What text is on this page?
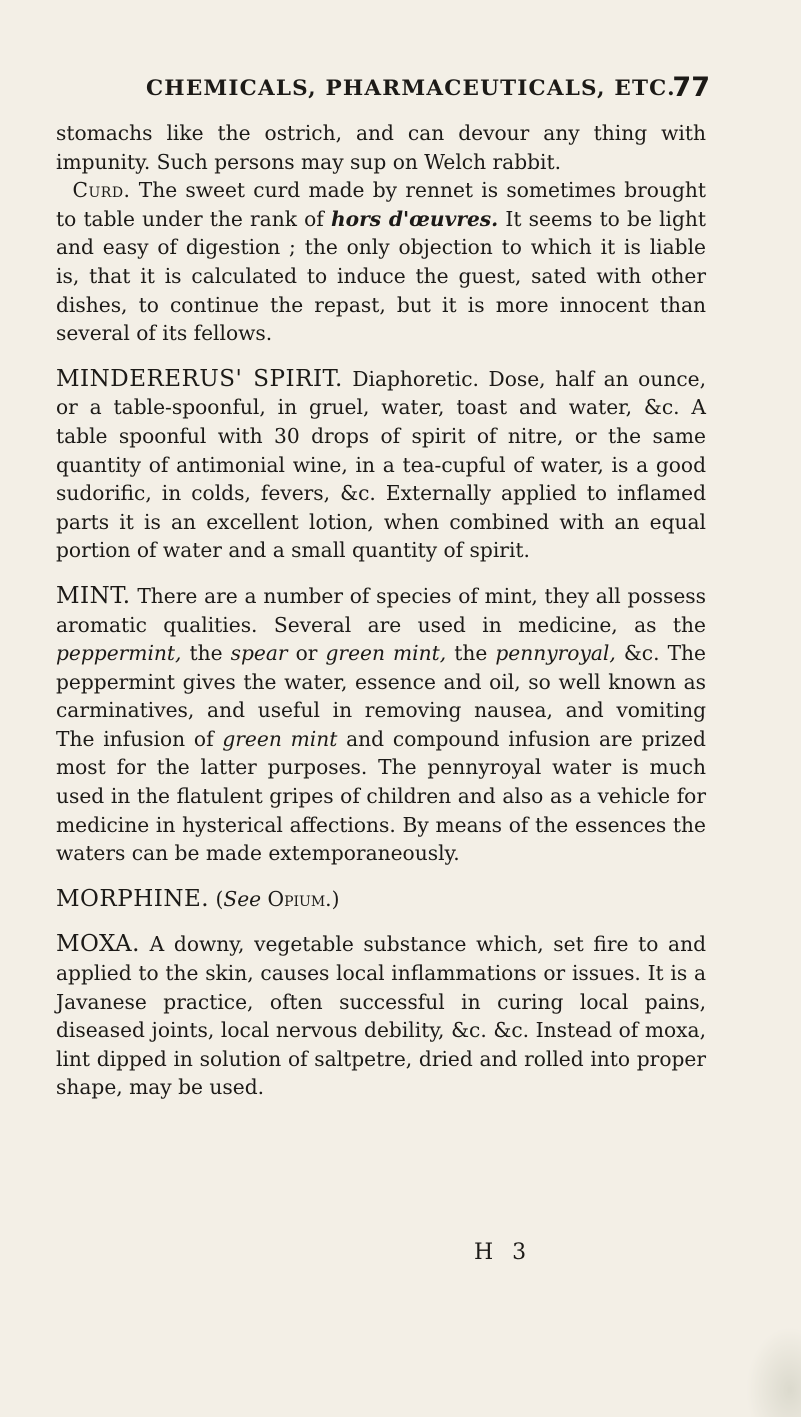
CHEMICALS, PHARMACEUTICALS, ETC.
77

stomachs like the ostrich, and can devour any thing with impunity. Such persons may sup on Welch rabbit.

Curd. The sweet curd made by rennet is sometimes brought to table under the rank of hors d'œuvres. It seems to be light and easy of digestion ; the only objection to which it is liable is, that it is calculated to induce the guest, sated with other dishes, to continue the repast, but it is more innocent than several of its fellows.

MINDERERUS' SPIRIT. Diaphoretic. Dose, half an ounce, or a table-spoonful, in gruel, water, toast and water, &c. A table spoonful with 30 drops of spirit of nitre, or the same quantity of antimonial wine, in a tea-cupful of water, is a good sudorific, in colds, fevers, &c. Externally applied to inflamed parts it is an excellent lotion, when combined with an equal portion of water and a small quantity of spirit.

MINT. There are a number of species of mint, they all possess aromatic qualities. Several are used in medicine, as the peppermint, the spear or green mint, the pennyroyal, &c. The peppermint gives the water, essence and oil, so well known as carminatives, and useful in removing nausea, and vomiting The infusion of green mint and compound infusion are prized most for the latter purposes. The pennyroyal water is much used in the flatulent gripes of children and also as a vehicle for medicine in hysterical affections. By means of the essences the waters can be made extemporaneously.

MORPHINE. (See Opium.)

MOXA. A downy, vegetable substance which, set fire to and applied to the skin, causes local inflammations or issues. It is a Javanese practice, often successful in curing local pains, diseased joints, local nervous debility, &c. &c. Instead of moxa, lint dipped in solution of saltpetre, dried and rolled into proper shape, may be used.

H 3
